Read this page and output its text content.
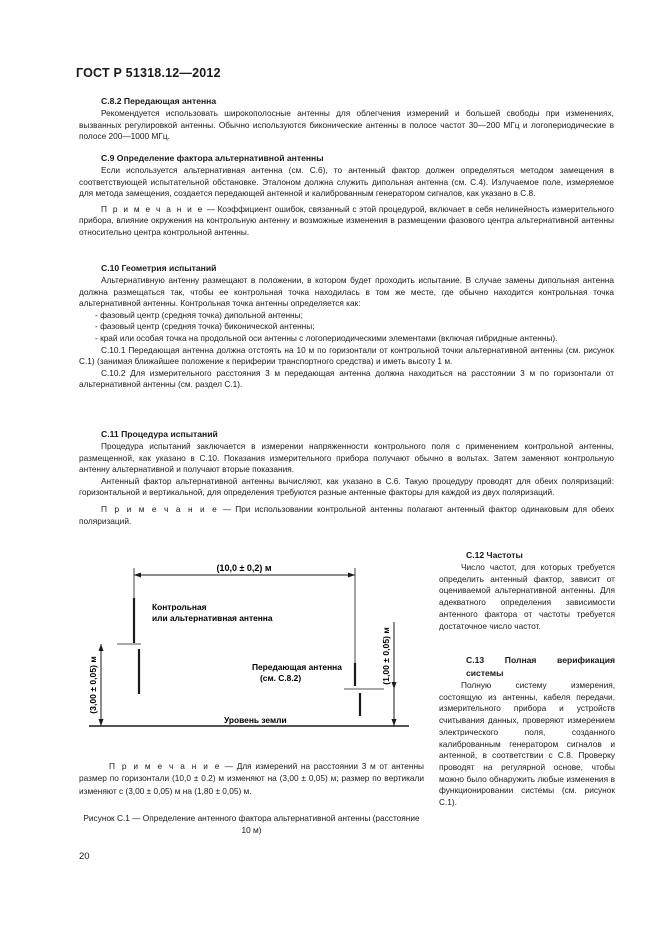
ГОСТ Р 51318.12—2012

С.8.2 Передающая антенна

Рекомендуется использовать широкополосные антенны для облегчения измерений и большей свободы при изменениях, вызванных регулировкой антенны. Обычно используются биконические антенны в полосе частот 30—200 МГц и логопериодические в полосе 200—1000 МГц.

С.9 Определение фактора альтернативной антенны

Если используется альтернативная антенна (см. С.6), то антенный фактор должен определяться методом замещения в соответствующей испытательной обстановке. Эталоном должна служить дипольная антенна (см. С.4). Излучаемое поле, измеряемое для метода замещения, создается передающей антенной и калиброванным генератором сигналов, как указано в С.8.

П р и м е ч а н и е — Коэффициент ошибок, связанный с этой процедурой, включает в себя нелинейность измерительного прибора, влияние окружения на контрольную антенну и возможные изменения в размещении фазового центра альтернативной антенны относительно центра контрольной антенны.

С.10 Геометрия испытаний

Альтернативную антенну размещают в положении, в котором будет проходить испытание. В случае замены дипольная антенна должна размещаться так, чтобы ее контрольная точка находилась в том же месте, где обычно находится контрольная точка альтернативной антенны. Контрольная точка антенны определяется как:

- фазовый центр (средняя точка) дипольной антенны;

- фазовый центр (средняя точка) биконической антенны;

- край или особая точка на продольной оси антенны с логопериодическими элементами (включая гибридные антенны).

С.10.1 Передающая антенна должна отстоять на 10 м по горизонтали от контрольной точки альтернативной антенны (см. рисунок С.1) (занимая ближайшее положение к периферии транспортного средства) и иметь высоту 1 м.

С.10.2 Для измерительного расстояния 3 м передающая антенна должна находиться на расстоянии 3 м по горизонтали от альтернативной антенны (см. раздел С.1).

С.11 Процедура испытаний

Процедура испытаний заключается в измерении напряженности контрольного поля с применением контрольной антенны, размещенной, как указано в С.10. Показания измерительного прибора получают обычно в вольтах. Затем заменяют контрольную антенну альтернативной и получают вторые показания.

Антенный фактор альтернативной антенны вычисляют, как указано в С.6. Такую процедуру проводят для обеих поляризаций: горизонтальной и вертикальной, для определения требуются разные антенные факторы для каждой из двух поляризаций.

П р и м е ч а н и е — При использовании контрольной антенны полагают антенный фактор одинаковым для обеих поляризаций.

(10,0 ± 0,2) м
Контрольная
или альтернативная антенна
(3,00 ± 0,05) м	Передающая антенна
(см. С.8.2)	(1,00 ± 0,05) м
Уровень земли

П р и м е ч а н и е — Для измерений на расстоянии 3 м от антенны размер по горизонтали (10,0 ± 0.2) м изменяют на (3,00 ± 0,05) м; размер по вертикали изменяют с (3,00 ± 0,05) м на (1,80 ± 0,05) м.

Рисунок С.1 — Определение антенного фактора альтернативной антенны (расстояние 10 м)

С.12 Частоты

Число частот, для которых требуется определить антенный фактор, зависит от оцениваемой альтернативной антенны. Для адекватного определения зависимости антенного фактора от частоты требуется достаточное число частот.

С.13 Полная верификация системы

Полную систему измерения, состоящую из антенны, кабеля передачи, измерительного прибора и устройств считывания данных, проверяют измерением электрического поля, созданного калиброванным генератором сигналов и антенной, в соответствии с С.8. Проверку проводят на регулярной основе, чтобы можно было обнаружить любые изменения в функционировании системы (см. рисунок С.1).

20
